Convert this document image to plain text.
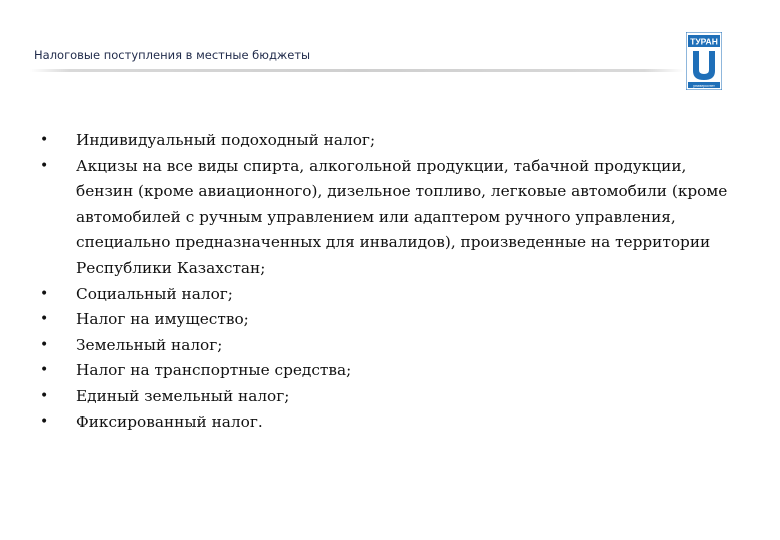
Налоговые поступления в местные бюджеты
ТУРАН
университет
• Индивидуальный подоходный налог;
• Акцизы на все виды спирта, алкогольной продукции, табачной продукции, бензин (кроме авиационного), дизельное топливо, легковые автомобили (кроме автомобилей с ручным управлением или адаптером ручного управления, специально предназначенных для инвалидов), произведенные на территории Республики Казахстан;
• Социальный налог;
• Налог на имущество;
• Земельный налог;
• Налог на транспортные средства;
• Единый земельный налог;
• Фиксированный налог.
